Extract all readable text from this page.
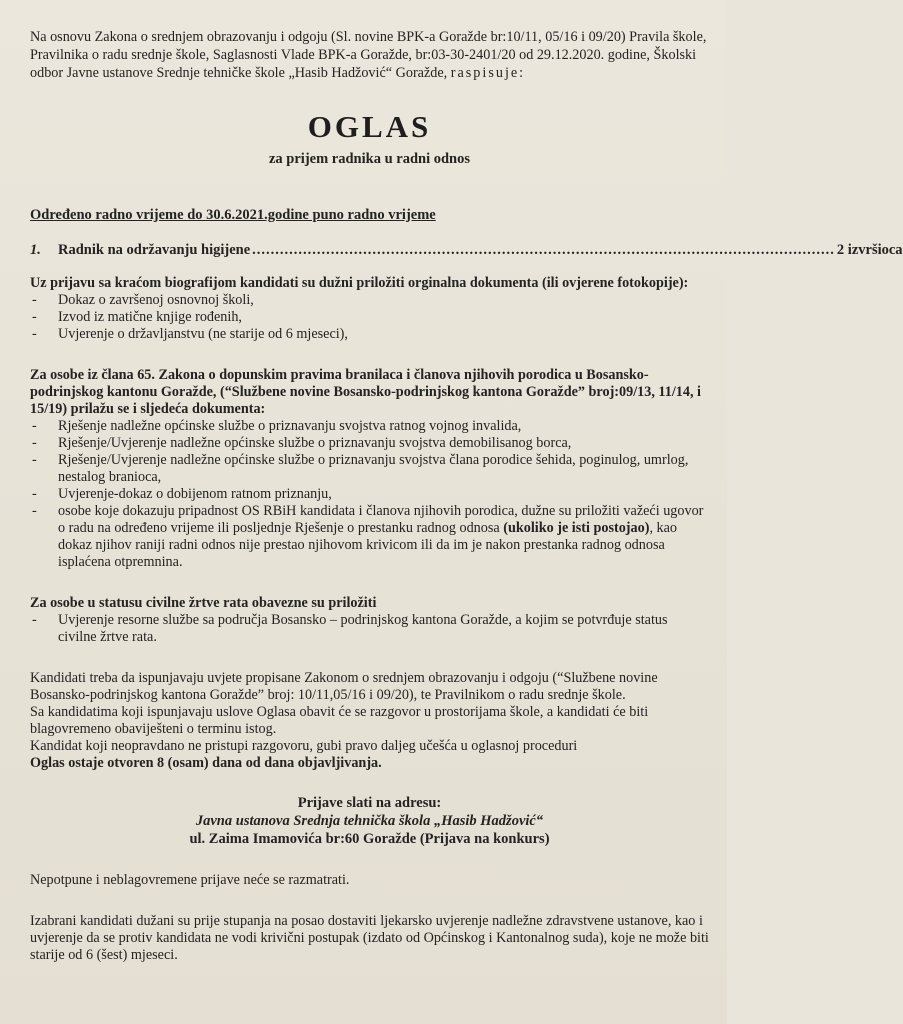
Na osnovu Zakona o srednjem obrazovanju i odgoju (Sl. novine BPK-a Goražde br:10/11, 05/16 i 09/20) Pravila škole, Pravilnika o radu srednje škole, Saglasnosti Vlade BPK-a Goražde, br:03-30-2401/20 od 29.12.2020. godine, Školski odbor Javne ustanove Srednje tehničke škole „Hasib Hadžović“ Goražde, raspisuje:

OGLAS
za prijem radnika u radni odnos
Određeno radno vrijeme do 30.6.2021.godine puno radno vrijeme
1.	Radnik na održavanju higijene .............................................................................................................................. 2 izvršioca

Uz prijavu sa kraćom biografijom kandidati su dužni priložiti orginalna dokumenta (ili ovjerene fotokopije):

- Dokaz o završenoj osnovnoj školi,
- Izvod iz matične knjige rođenih,
- Uvjerenje o državljanstvu (ne starije od 6 mjeseci),

Za osobe iz člana 65. Zakona o dopunskim pravima branilaca i članova njihovih porodica u Bosansko-podrinjskog kantonu Goražde, (“Službene novine Bosansko-podrinjskog kantona Goražde” broj:09/13, 11/14, i 15/19) prilažu se i sljedeća dokumenta:

- Rješenje nadležne općinske službe o priznavanju svojstva ratnog vojnog invalida,
- Rješenje/Uvjerenje nadležne općinske službe o priznavanju svojstva demobilisanog borca,
- Rješenje/Uvjerenje nadležne općinske službe o priznavanju svojstva člana porodice šehida, poginulog, umrlog, nestalog branioca,
- Uvjerenje-dokaz o dobijenom ratnom priznanju,
- osobe koje dokazuju pripadnost OS RBiH kandidata i članova njihovih porodica, dužne su priložiti važeći ugovor o radu na određeno vrijeme ili posljednje Rješenje o prestanku radnog odnosa (ukoliko je isti postojao), kao dokaz njihov raniji radni odnos nije prestao njihovom krivicom ili da im je nakon prestanka radnog odnosa isplaćena otpremnina.

Za osobe u statusu civilne žrtve rata obavezne su priložiti

- Uvjerenje resorne službe sa područja Bosansko – podrinjskog kantona Goražde, a kojim se potvrđuje status civilne žrtve rata.

Kandidati treba da ispunjavaju uvjete propisane Zakonom o srednjem obrazovanju i odgoju (“Službene novine Bosansko-podrinjskog kantona Goražde” broj: 10/11,05/16 i 09/20), te Pravilnikom o radu srednje škole.

Sa kandidatima koji ispunjavaju uslove Oglasa obavit će se razgovor u prostorijama škole, a kandidati će biti blagovremeno obaviješteni o terminu istog.

Kandidat koji neopravdano ne pristupi razgovoru, gubi pravo daljeg učešća u oglasnoj proceduri

Oglas ostaje otvoren 8 (osam) dana od dana objavljivanja.

Prijave slati na adresu:
Javna ustanova Srednja tehnička škola „Hasib Hadžović“
ul. Zaima Imamovića br:60 Goražde (Prijava na konkurs)

Nepotpune i neblagovremene prijave neće se razmatrati.

Izabrani kandidati dužani su prije stupanja na posao dostaviti ljekarsko uvjerenje nadležne zdravstvene ustanove, kao i uvjerenje da se protiv kandidata ne vodi krivični postupak (izdato od Općinskog i Kantonalnog suda), koje ne može biti starije od 6 (šest) mjeseci.
